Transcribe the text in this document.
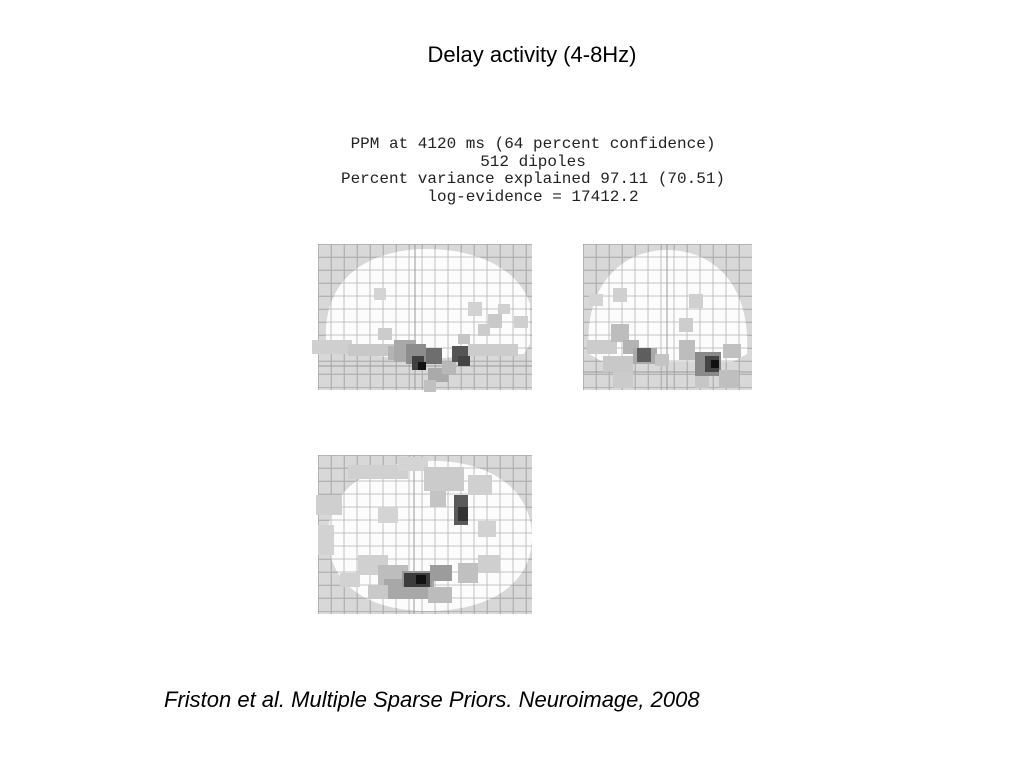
Delay activity (4-8Hz)
PPM at 4120 ms (64 percent confidence)
512 dipoles
Percent variance explained 97.11 (70.51)
log-evidence = 17412.2
Friston et al. Multiple Sparse Priors. Neuroimage, 2008
